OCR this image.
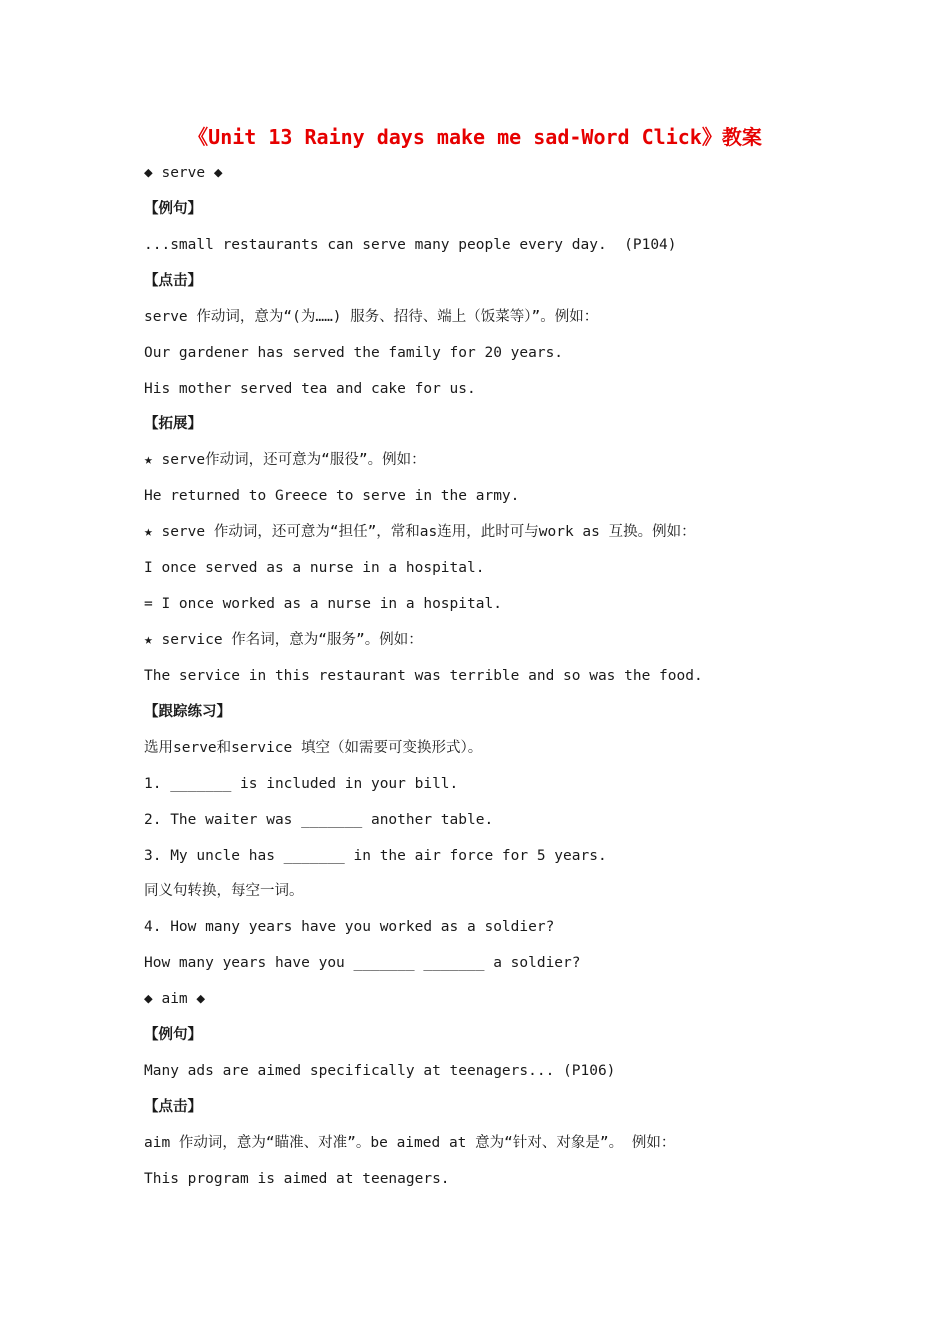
《Unit 13 Rainy days make me sad-Word Click》教案
◆ serve ◆
【例句】
...small restaurants can serve many people every day.  (P104)
【点击】
serve 作动词，意为“(为……) 服务、招待、端上（饭菜等）”。例如：
Our gardener has served the family for 20 years.
His mother served tea and cake for us.
【拓展】
★ serve作动词，还可意为“服役”。例如：
He returned to Greece to serve in the army.
★ serve 作动词，还可意为“担任”，常和as连用，此时可与work as 互换。例如：
I once served as a nurse in a hospital.
= I once worked as a nurse in a hospital.
★ service 作名词，意为“服务”。例如：
The service in this restaurant was terrible and so was the food.
【跟踪练习】
选用serve和service 填空（如需要可变换形式）。
1. _______ is included in your bill.
2. The waiter was _______ another table.
3. My uncle has _______ in the air force for 5 years.
同义句转换，每空一词。
4. How many years have you worked as a soldier?
How many years have you _______ _______ a soldier?
◆ aim ◆
【例句】
Many ads are aimed specifically at teenagers... (P106)
【点击】
aim 作动词，意为“瞄准、对准”。be aimed at 意为“针对、对象是”。 例如：
This program is aimed at teenagers.
